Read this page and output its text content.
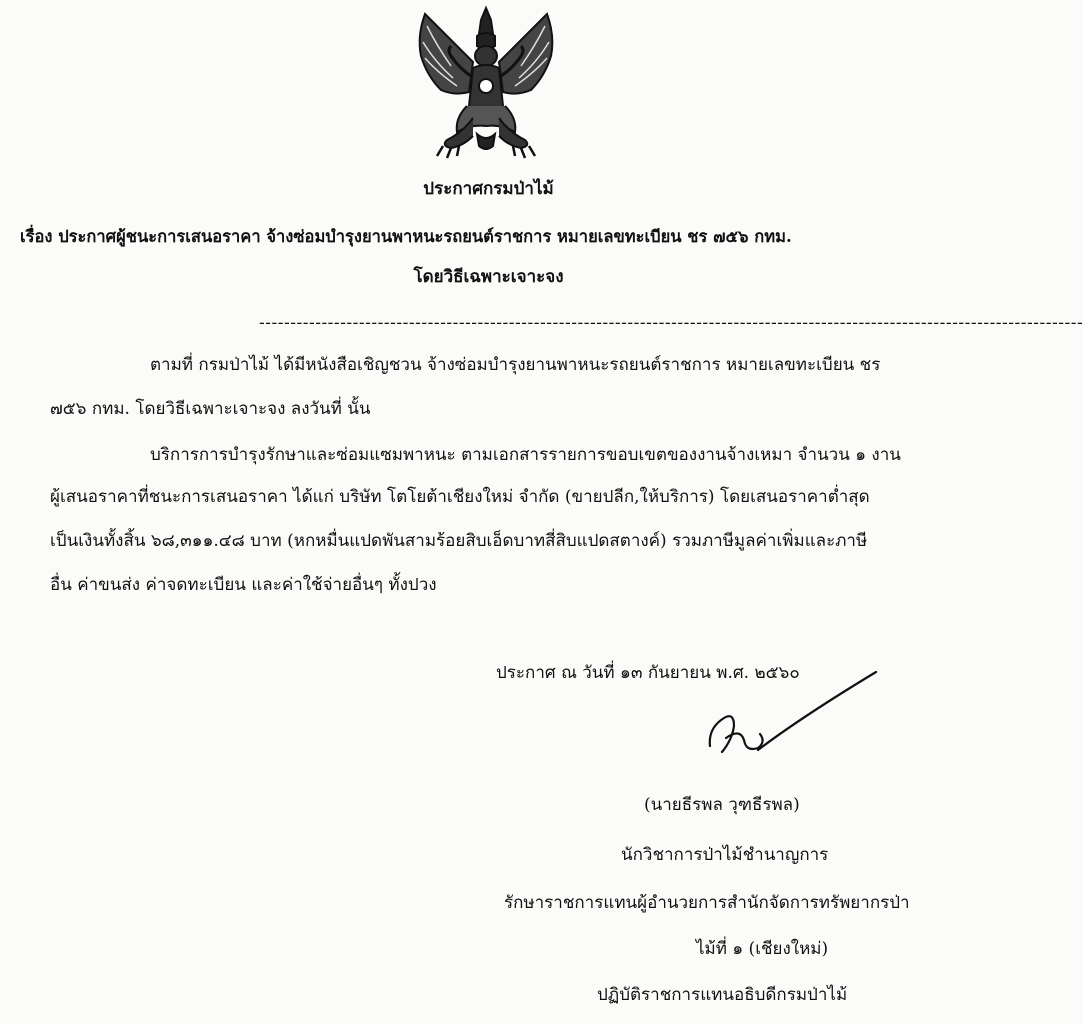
ประกาศกรมป่าไม้
เรื่อง ประกาศผู้ชนะการเสนอราคา จ้างซ่อมบำรุงยานพาหนะรถยนต์ราชการ หมายเลขทะเบียน ชร ๗๕๖ กทม.
โดยวิธีเฉพาะเจาะจง
------------------------------------------------------------------------------------------------------------------------------------
ตามที่ กรมป่าไม้ ได้มีหนังสือเชิญชวน จ้างซ่อมบำรุงยานพาหนะรถยนต์ราชการ หมายเลขทะเบียน ชร
๗๕๖ กทม. โดยวิธีเฉพาะเจาะจง ลงวันที่ นั้น
บริการการบำรุงรักษาและซ่อมแซมพาหนะ ตามเอกสารรายการขอบเขตของงานจ้างเหมา จำนวน ๑ งาน
ผู้เสนอราคาที่ชนะการเสนอราคา ได้แก่ บริษัท โตโยต้าเชียงใหม่ จำกัด (ขายปลีก,ให้บริการ) โดยเสนอราคาต่ำสุด
เป็นเงินทั้งสิ้น ๖๘,๓๑๑.๔๘ บาท (หกหมื่นแปดพันสามร้อยสิบเอ็ดบาทสี่สิบแปดสตางค์) รวมภาษีมูลค่าเพิ่มและภาษี
อื่น ค่าขนส่ง ค่าจดทะเบียน และค่าใช้จ่ายอื่นๆ ทั้งปวง
ประกาศ ณ วันที่ ๑๓ กันยายน พ.ศ. ๒๕๖๐
(นายธีรพล วุฑธีรพล)
นักวิชาการป่าไม้ชำนาญการ
รักษาราชการแทนผู้อำนวยการสำนักจัดการทรัพยากรป่า
ไม้ที่ ๑ (เชียงใหม่)
ปฏิบัติราชการแทนอธิบดีกรมป่าไม้
